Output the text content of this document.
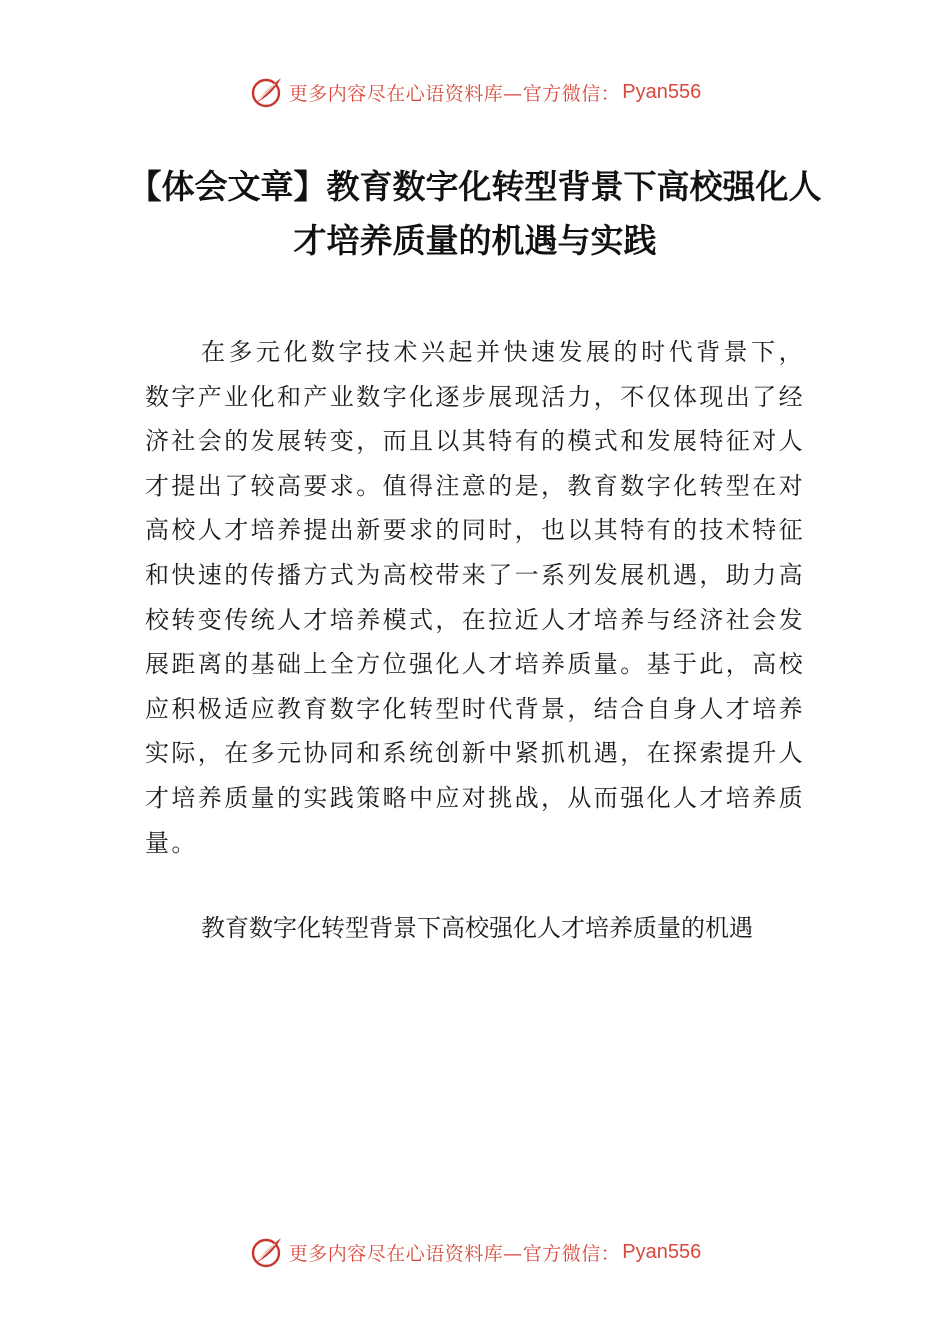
更多内容尽在心语资料库—官方微信： Pyan556
【体会文章】教育数字化转型背景下高校强化人才培养质量的机遇与实践

在多元化数字技术兴起并快速发展的时代背景下，数字产业化和产业数字化逐步展现活力，不仅体现出了经济社会的发展转变，而且以其特有的模式和发展特征对人才提出了较高要求。值得注意的是，教育数字化转型在对高校人才培养提出新要求的同时，也以其特有的技术特征和快速的传播方式为高校带来了一系列发展机遇，助力高校转变传统人才培养模式，在拉近人才培养与经济社会发展距离的基础上全方位强化人才培养质量。基于此，高校应积极适应教育数字化转型时代背景，结合自身人才培养实际，在多元协同和系统创新中紧抓机遇，在探索提升人才培养质量的实践策略中应对挑战，从而强化人才培养质量。

教育数字化转型背景下高校强化人才培养质量的机遇

更多内容尽在心语资料库—官方微信： Pyan556
